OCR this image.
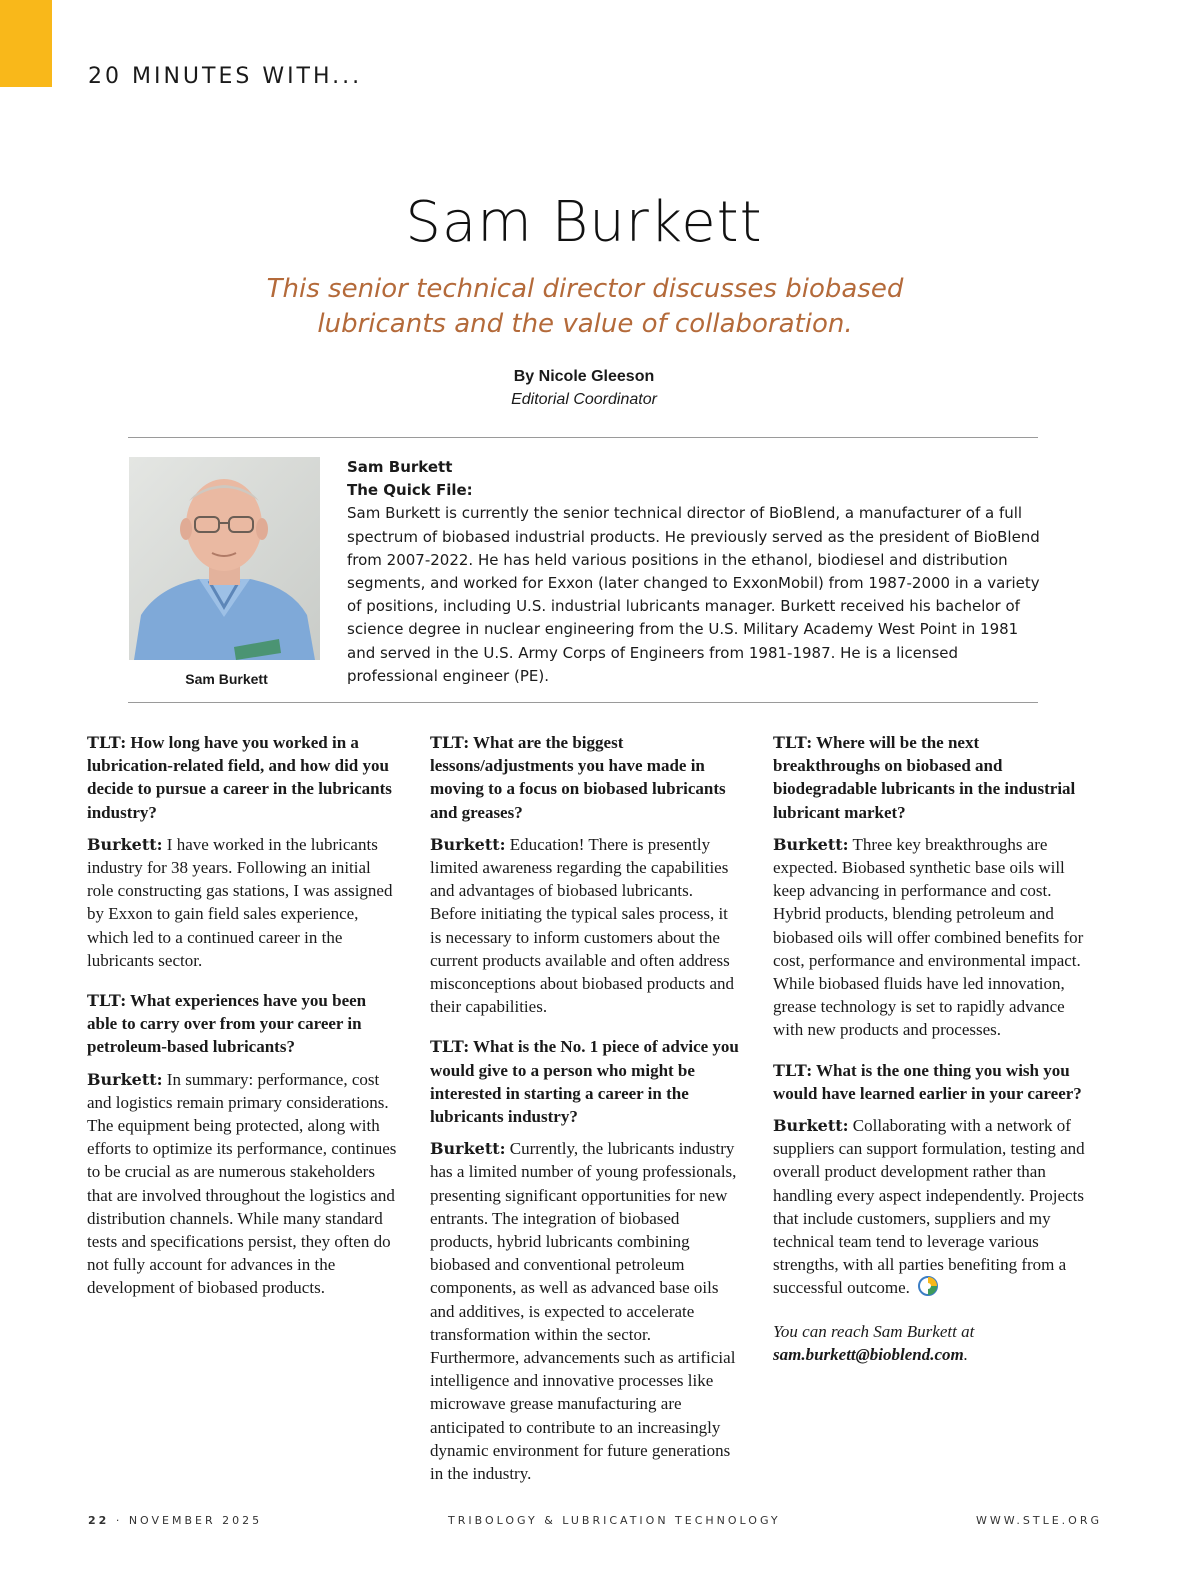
20 MINUTES WITH...
Sam Burkett
This senior technical director discusses biobased lubricants and the value of collaboration.
By Nicole Gleeson
Editorial Coordinator
Sam Burkett
Sam Burkett
The Quick File:
Sam Burkett is currently the senior technical director of BioBlend, a manufacturer of a full spectrum of biobased industrial products. He previously served as the president of BioBlend from 2007-2022. He has held various positions in the ethanol, biodiesel and distribution segments, and worked for Exxon (later changed to ExxonMobil) from 1987-2000 in a variety of positions, including U.S. industrial lubricants manager. Burkett received his bachelor of science degree in nuclear engineering from the U.S. Military Academy West Point in 1981 and served in the U.S. Army Corps of Engineers from 1981-1987. He is a licensed professional engineer (PE).
TLT: How long have you worked in a lubrication-related field, and how did you decide to pursue a career in the lubricants industry?
Burkett: I have worked in the lubricants industry for 38 years. Following an initial role constructing gas stations, I was assigned by Exxon to gain field sales experience, which led to a continued career in the lubricants sector.
TLT: What experiences have you been able to carry over from your career in petroleum-based lubricants?
Burkett: In summary: performance, cost and logistics remain primary considerations. The equipment being protected, along with efforts to optimize its performance, continues to be crucial as are numerous stakeholders that are involved throughout the logistics and distribution channels. While many standard tests and specifications persist, they often do not fully account for advances in the development of biobased products.
TLT: What are the biggest lessons/adjustments you have made in moving to a focus on biobased lubricants and greases?
Burkett: Education! There is presently limited awareness regarding the capabilities and advantages of biobased lubricants. Before initiating the typical sales process, it is necessary to inform customers about the current products available and often address misconceptions about biobased products and their capabilities.
TLT: What is the No. 1 piece of advice you would give to a person who might be interested in starting a career in the lubricants industry?
Burkett: Currently, the lubricants industry has a limited number of young professionals, presenting significant opportunities for new entrants. The integration of biobased products, hybrid lubricants combining biobased and conventional petroleum components, as well as advanced base oils and additives, is expected to accelerate transformation within the sector. Furthermore, advancements such as artificial intelligence and innovative processes like microwave grease manufacturing are anticipated to contribute to an increasingly dynamic environment for future generations in the industry.
TLT: Where will be the next breakthroughs on biobased and biodegradable lubricants in the industrial lubricant market?
Burkett: Three key breakthroughs are expected. Biobased synthetic base oils will keep advancing in performance and cost. Hybrid products, blending petroleum and biobased oils will offer combined benefits for cost, performance and environmental impact. While biobased fluids have led innovation, grease technology is set to rapidly advance with new products and processes.
TLT: What is the one thing you wish you would have learned earlier in your career?
Burkett: Collaborating with a network of suppliers can support formulation, testing and overall product development rather than handling every aspect independently. Projects that include customers, suppliers and my technical team tend to leverage various strengths, with all parties benefiting from a successful outcome.

You can reach Sam Burkett at
sam.burkett@bioblend.com.

22 · NOVEMBER 2025	TRIBOLOGY & LUBRICATION TECHNOLOGY	WWW.STLE.ORG
